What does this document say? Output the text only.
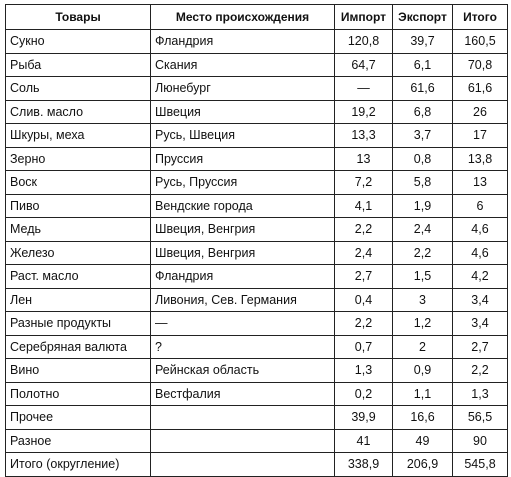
Товары	Место происхождения	Импорт	Экспорт	Итого
Сукно	Фландрия	120,8	39,7	160,5
Рыба	Скания	64,7	6,1	70,8
Соль	Люнебург	—	61,6	61,6
Слив. масло	Швеция	19,2	6,8	26
Шкуры, меха	Русь, Швеция	13,3	3,7	17
Зерно	Пруссия	13	0,8	13,8
Воск	Русь, Пруссия	7,2	5,8	13
Пиво	Вендские города	4,1	1,9	6
Медь	Швеция, Венгрия	2,2	2,4	4,6
Железо	Швеция, Венгрия	2,4	2,2	4,6
Раст. масло	Фландрия	2,7	1,5	4,2
Лен	Ливония, Сев. Германия	0,4	3	3,4
Разные продукты	—	2,2	1,2	3,4
Серебряная валюта	?	0,7	2	2,7
Вино	Рейнская область	1,3	0,9	2,2
Полотно	Вестфалия	0,2	1,1	1,3
Прочее		39,9	16,6	56,5
Разное		41	49	90
Итого (округление)		338,9	206,9	545,8
